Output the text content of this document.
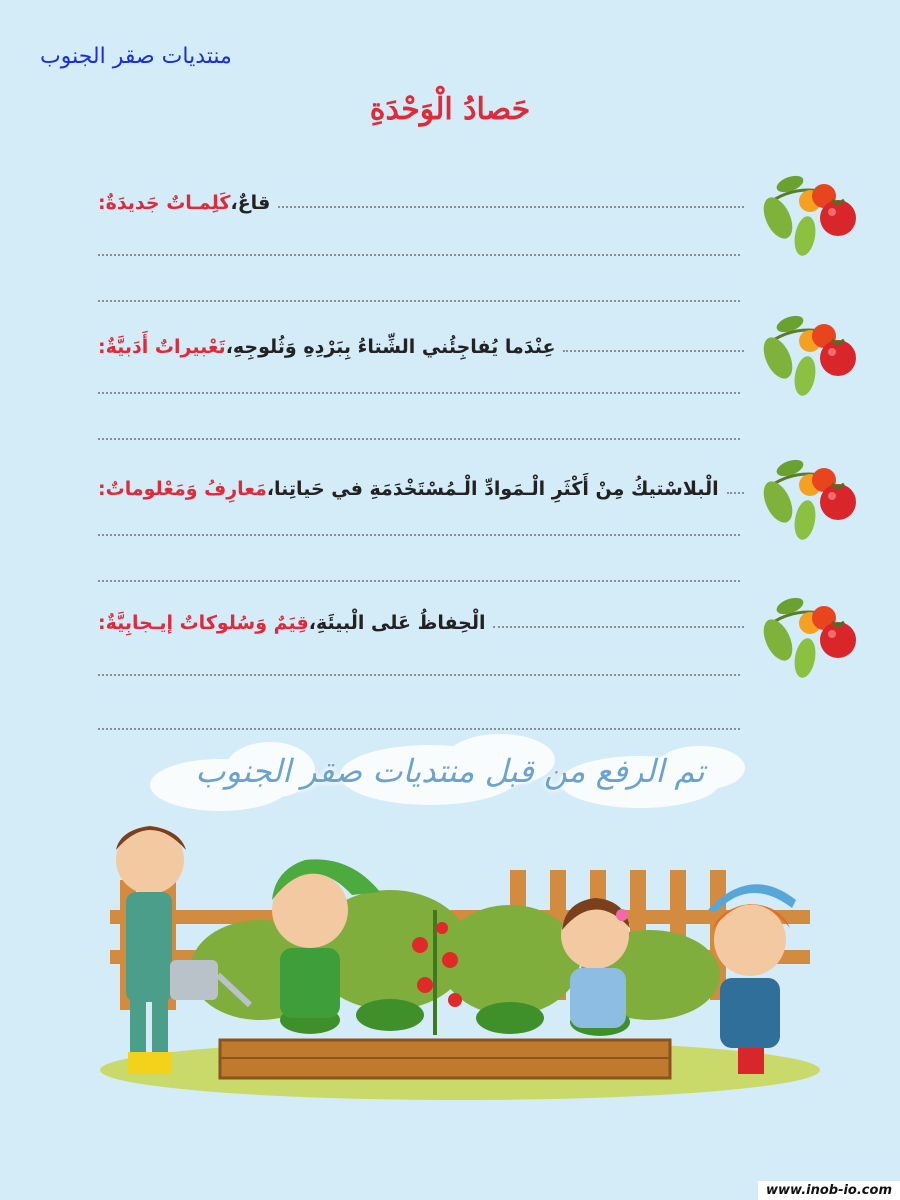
منتديات صقر الجنوب
حَصادُ الْوَحْدَةِ
كَلِمـاتٌ جَديدَةٌ: قاعٌ،
تَعْبيراتٌ أَدَبيَّةٌ: عِنْدَما يُفاجِئُني الشِّتاءُ بِبَرْدِهِ وَثُلوجِهِ،
مَعارِفُ وَمَعْلوماتٌ: الْبلاسْتيكُ مِنْ أَكْثَرِ الْـمَوادِّ الْـمُسْتَخْدَمَةِ في حَياتِنا،
قِيَمٌ وَسُلوكاتٌ إيـجابِيَّةٌ: الْحِفاظُ عَلى الْبيئَةِ،
تم الرفع من قبل منتديات صقر الجنوب
www.inob-io.com
